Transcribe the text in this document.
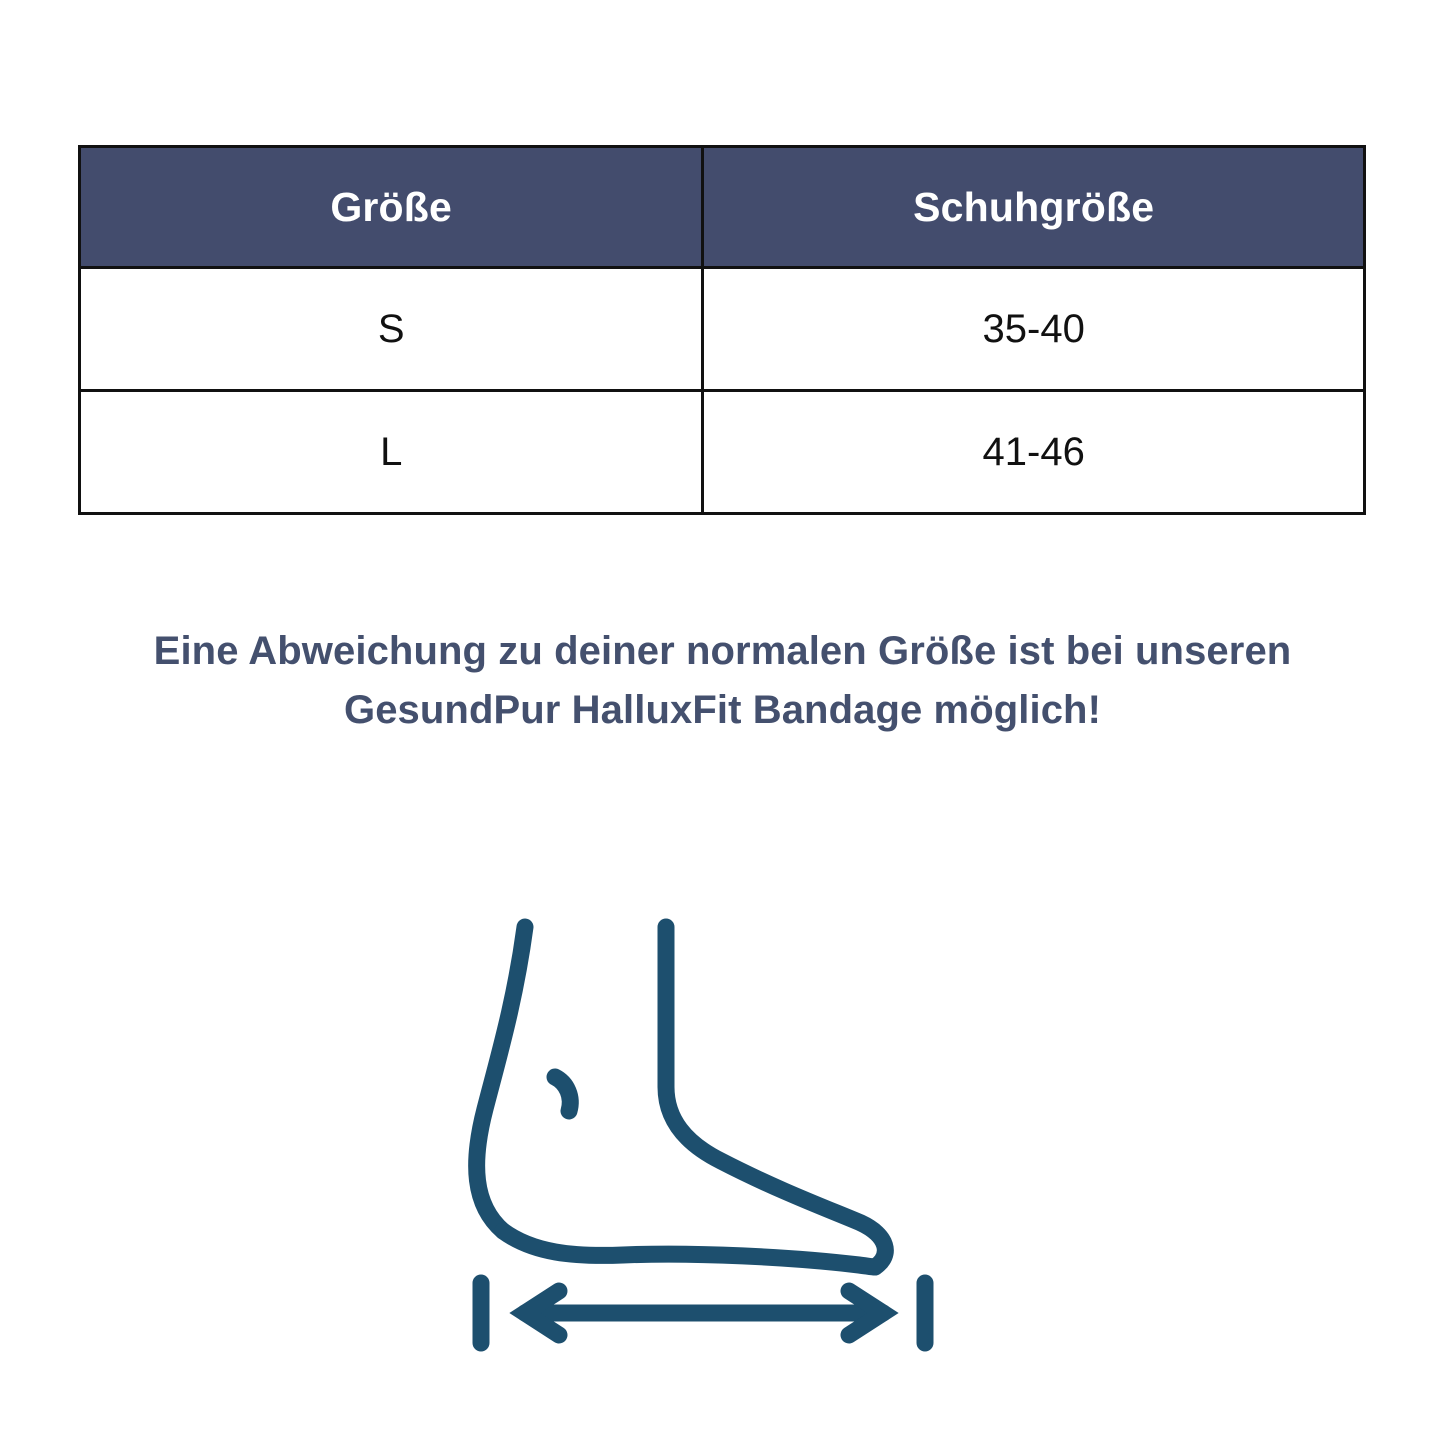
Größe	Schuhgröße
S	35-40
L	41-46
Eine Abweichung zu deiner normalen Größe ist bei unseren GesundPur HalluxFit Bandage möglich!
